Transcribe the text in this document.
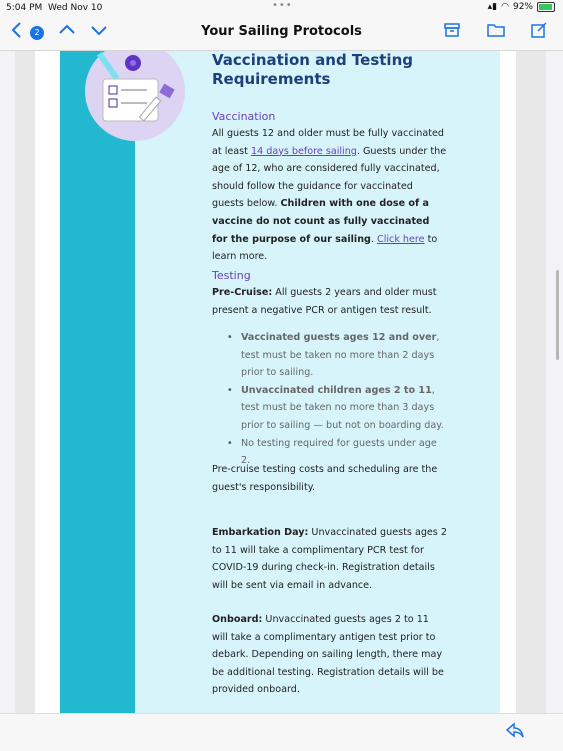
5:04 PM Wed Nov 10	•••	▴▮ ◠ 92%
2	Your Sailing Protocols
Vaccination and Testing Requirements
Vaccination
All guests 12 and older must be fully vaccinated at least 14 days before sailing. Guests under the age of 12, who are considered fully vaccinated, should follow the guidance for vaccinated guests below. Children with one dose of a vaccine do not count as fully vaccinated for the purpose of our sailing. Click here to learn more.
Testing
Pre-Cruise: All guests 2 years and older must present a negative PCR or antigen test result.
• Vaccinated guests ages 12 and over, test must be taken no more than 2 days prior to sailing.
• Unvaccinated children ages 2 to 11, test must be taken no more than 3 days prior to sailing — but not on boarding day.
• No testing required for guests under age 2.
Pre-cruise testing costs and scheduling are the guest's responsibility.
Embarkation Day: Unvaccinated guests ages 2 to 11 will take a complimentary PCR test for COVID-19 during check-in. Registration details will be sent via email in advance.
Onboard: Unvaccinated guests ages 2 to 11 will take a complimentary antigen test prior to debark. Depending on sailing length, there may be additional testing. Registration details will be provided onboard.
